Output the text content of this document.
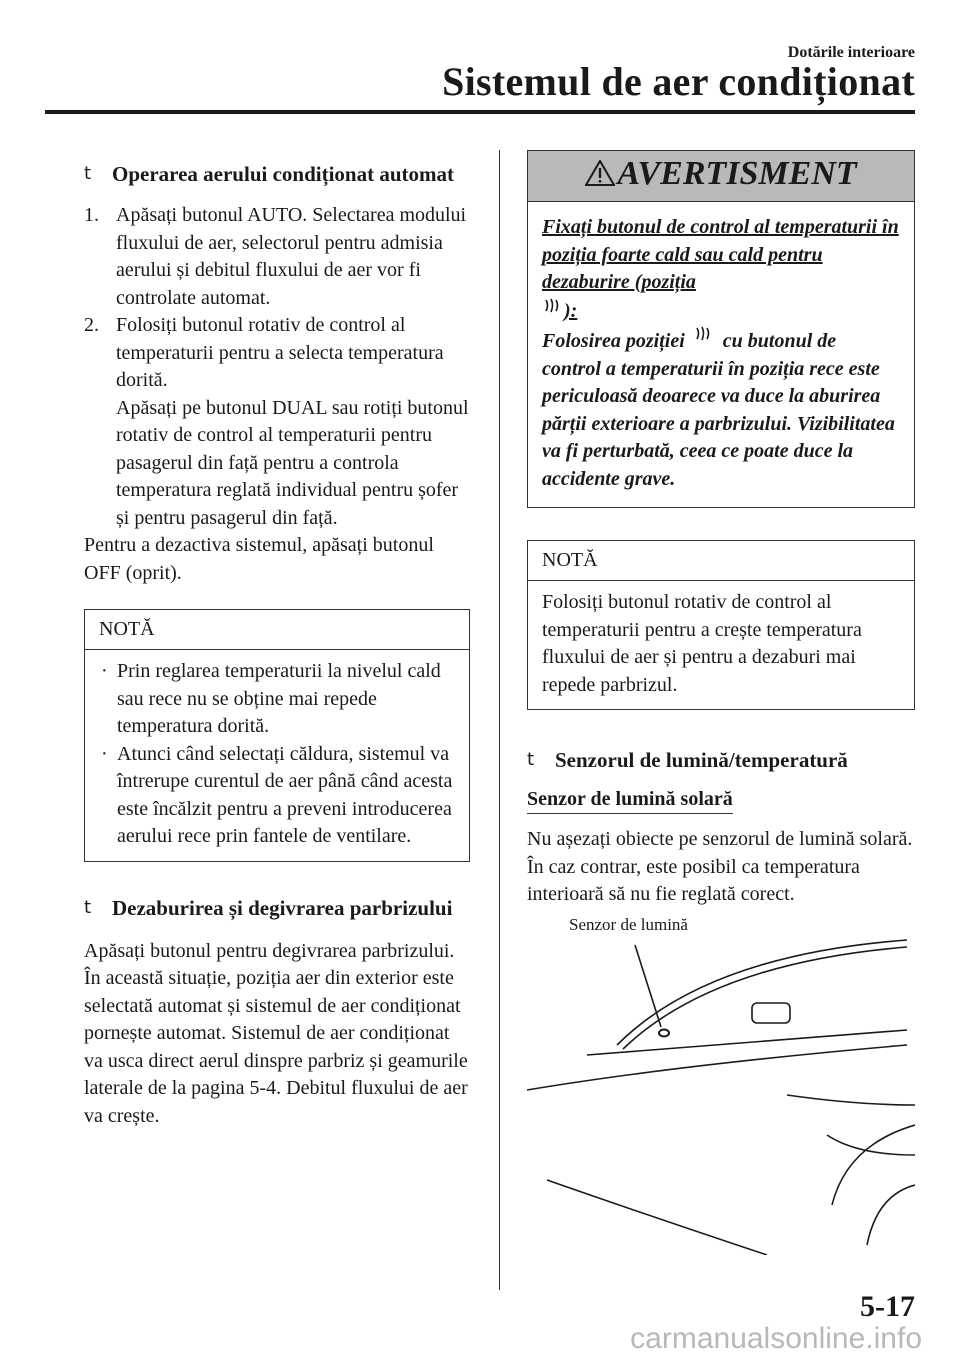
Dotările interioare
Sistemul de aer condiționat
t Operarea aerului condiționat automat
1. Apăsați butonul AUTO. Selectarea modului fluxului de aer, selectorul pentru admisia aerului și debitul fluxului de aer vor fi controlate automat.
2. Folosiți butonul rotativ de control al temperaturii pentru a selecta temperatura dorită.
Apăsați pe butonul DUAL sau rotiți butonul rotativ de control al temperaturii pentru pasagerul din față pentru a controla temperatura reglată individual pentru șofer și pentru pasagerul din față.
Pentru a dezactiva sistemul, apăsați butonul OFF (oprit).
NOTĂ
· Prin reglarea temperaturii la nivelul cald sau rece nu se obține mai repede temperatura dorită.
· Atunci când selectați căldura, sistemul va întrerupe curentul de aer până când acesta este încălzit pentru a preveni introducerea aerului rece prin fantele de ventilare.
t Dezaburirea și degivrarea parbrizului
Apăsați butonul pentru degivrarea parbrizului. În această situație, poziția aer din exterior este selectată automat și sistemul de aer condiționat pornește automat. Sistemul de aer condiționat va usca direct aerul dinspre parbriz și geamurile laterale de la pagina 5-4. Debitul fluxului de aer va crește.
AVERTISMENT
Fixați butonul de control al temperaturii în poziția foarte cald sau cald pentru dezaburire (poziția
):
Folosirea poziției cu butonul de control a temperaturii în poziția rece este periculoasă deoarece va duce la aburirea părții exterioare a parbrizului. Vizibilitatea va fi perturbată, ceea ce poate duce la accidente grave.
NOTĂ
Folosiți butonul rotativ de control al temperaturii pentru a crește temperatura fluxului de aer și pentru a dezaburi mai repede parbrizul.
t Senzorul de lumină/temperatură
Senzor de lumină solară
Nu așezați obiecte pe senzorul de lumină solară. În caz contrar, este posibil ca temperatura interioară să nu fie reglată corect.
Senzor de lumină
5-17
carmanualsonline.info
